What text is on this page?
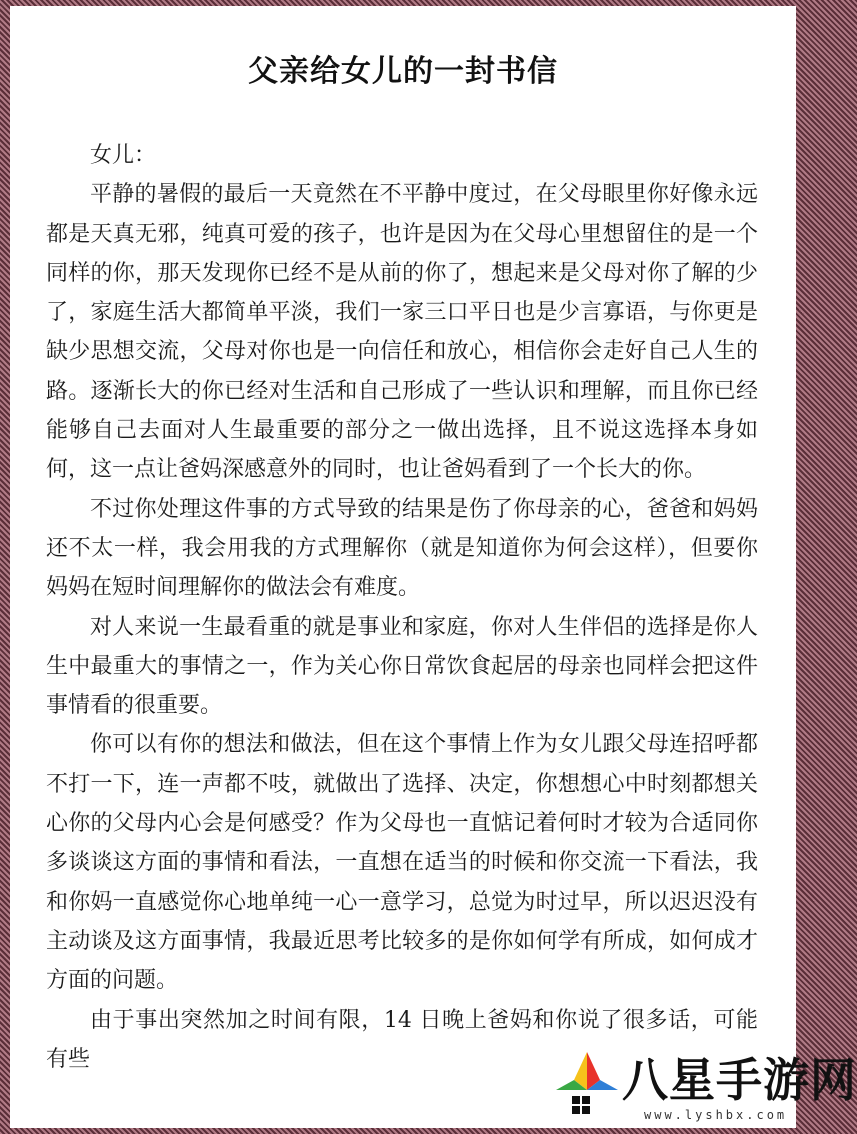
父亲给女儿的一封书信

女儿：

平静的暑假的最后一天竟然在不平静中度过，在父母眼里你好像永远都是天真无邪，纯真可爱的孩子，也许是因为在父母心里想留住的是一个同样的你，那天发现你已经不是从前的你了，想起来是父母对你了解的少了，家庭生活大都简单平淡，我们一家三口平日也是少言寡语，与你更是缺少思想交流，父母对你也是一向信任和放心，相信你会走好自己人生的路。逐渐长大的你已经对生活和自己形成了一些认识和理解，而且你已经能够自己去面对人生最重要的部分之一做出选择，且不说这选择本身如何，这一点让爸妈深感意外的同时，也让爸妈看到了一个长大的你。

不过你处理这件事的方式导致的结果是伤了你母亲的心，爸爸和妈妈还不太一样，我会用我的方式理解你（就是知道你为何会这样），但要你妈妈在短时间理解你的做法会有难度。

对人来说一生最看重的就是事业和家庭，你对人生伴侣的选择是你人生中最重大的事情之一，作为关心你日常饮食起居的母亲也同样会把这件事情看的很重要。

你可以有你的想法和做法，但在这个事情上作为女儿跟父母连招呼都不打一下，连一声都不吱，就做出了选择、决定，你想想心中时刻都想关心你的父母内心会是何感受？作为父母也一直惦记着何时才较为合适同你多谈谈这方面的事情和看法，一直想在适当的时候和你交流一下看法，我和你妈一直感觉你心地单纯一心一意学习，总觉为时过早，所以迟迟没有主动谈及这方面事情，我最近思考比较多的是你如何学有所成，如何成才方面的问题。

由于事出突然加之时间有限，14 日晚上爸妈和你说了很多话，可能有些	八星手游网
www.lyshbx.com
